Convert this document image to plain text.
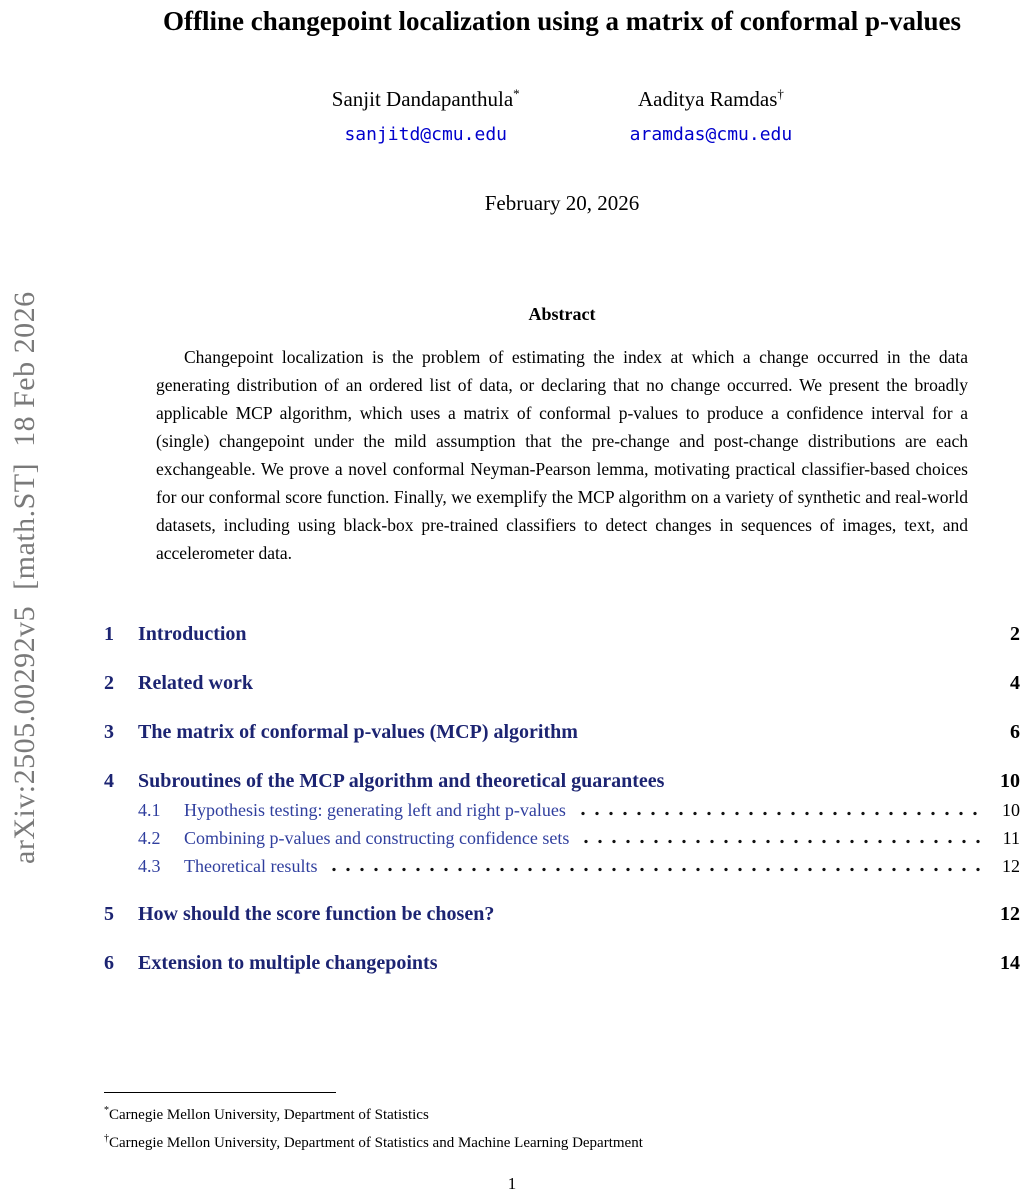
arXiv:2505.00292v5  [math.ST]  18 Feb 2026
Offline changepoint localization using a matrix of conformal p-values
Sanjit Dandapanthula*
sanjitd@cmu.edu
Aaditya Ramdas†
aramdas@cmu.edu
February 20, 2026
Abstract
Changepoint localization is the problem of estimating the index at which a change occurred in the data generating distribution of an ordered list of data, or declaring that no change occurred. We present the broadly applicable MCP algorithm, which uses a matrix of conformal p-values to produce a confidence interval for a (single) changepoint under the mild assumption that the pre-change and post-change distributions are each exchangeable. We prove a novel conformal Neyman-Pearson lemma, motivating practical classifier-based choices for our conformal score function. Finally, we exemplify the MCP algorithm on a variety of synthetic and real-world datasets, including using black-box pre-trained classifiers to detect changes in sequences of images, text, and accelerometer data.
1	Introduction	2
2	Related work	4
3	The matrix of conformal p-values (MCP) algorithm	6
4	Subroutines of the MCP algorithm and theoretical guarantees	10
4.1	Hypothesis testing: generating left and right p-values	10
4.2	Combining p-values and constructing confidence sets	11
4.3	Theoretical results	12
5	How should the score function be chosen?	12
6	Extension to multiple changepoints	14
*Carnegie Mellon University, Department of Statistics
†Carnegie Mellon University, Department of Statistics and Machine Learning Department
1
